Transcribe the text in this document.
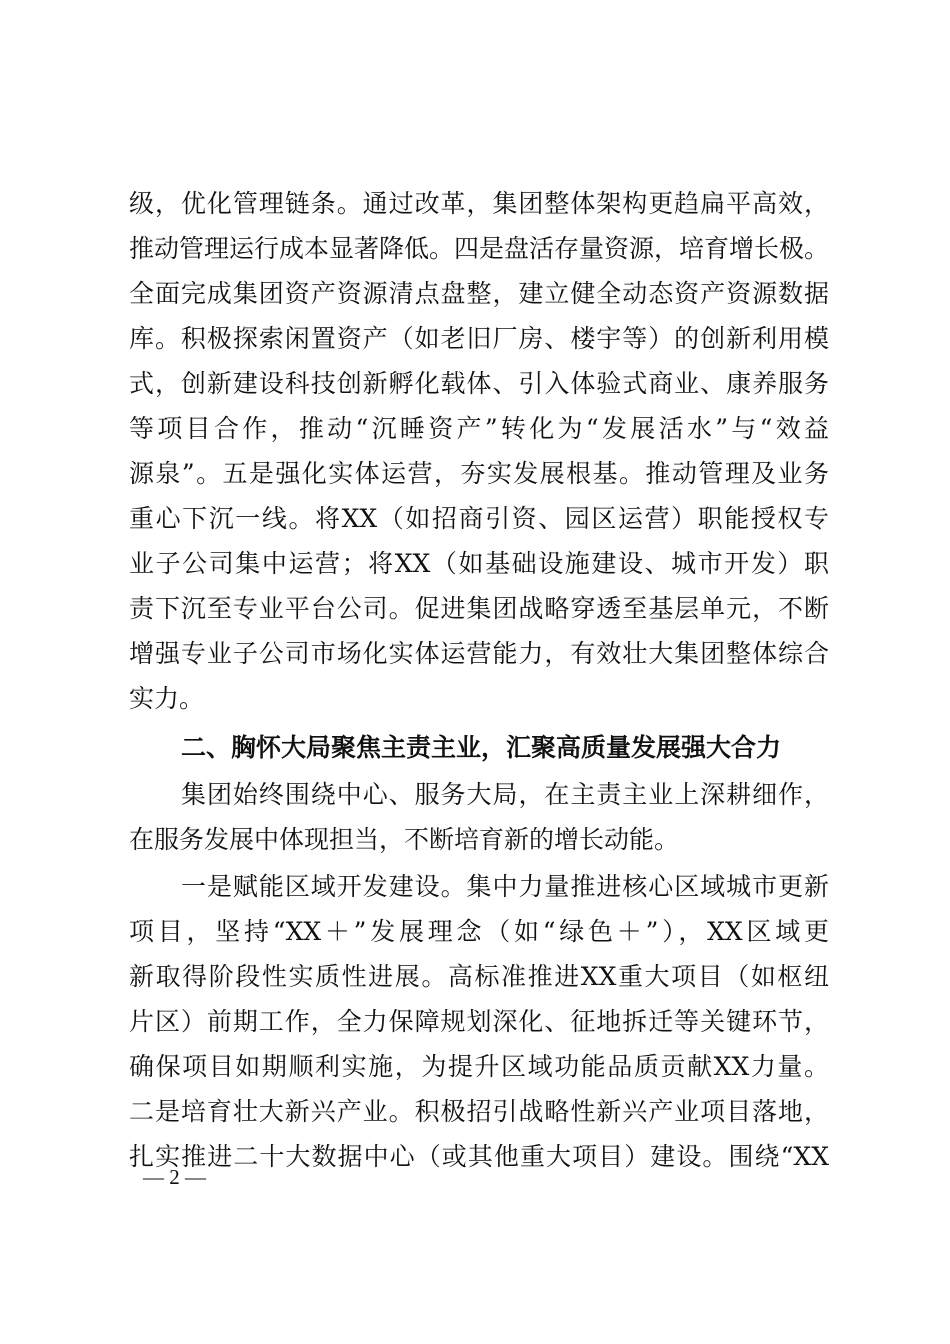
级，优化管理链条。通过改革，集团整体架构更趋扁平高效，
推动管理运行成本显著降低。四是盘活存量资源，培育增长极。
全面完成集团资产资源清点盘整，建立健全动态资产资源数据
库。积极探索闲置资产（如老旧厂房、楼宇等）的创新利用模
式，创新建设科技创新孵化载体、引入体验式商业、康养服务
等项目合作，推动“沉睡资产”转化为“发展活水”与“效益
源泉”。五是强化实体运营，夯实发展根基。推动管理及业务
重心下沉一线。将XX（如招商引资、园区运营）职能授权专
业子公司集中运营；将XX（如基础设施建设、城市开发）职
责下沉至专业平台公司。促进集团战略穿透至基层单元，不断
增强专业子公司市场化实体运营能力，有效壮大集团整体综合
实力。
二、胸怀大局聚焦主责主业，汇聚高质量发展强大合力
集团始终围绕中心、服务大局，在主责主业上深耕细作，
在服务发展中体现担当，不断培育新的增长动能。
一是赋能区域开发建设。集中力量推进核心区域城市更新
项目，坚持“XX＋”发展理念（如“绿色＋”），XX区域更
新取得阶段性实质性进展。高标准推进XX重大项目（如枢纽
片区）前期工作，全力保障规划深化、征地拆迁等关键环节，
确保项目如期顺利实施，为提升区域功能品质贡献XX力量。
二是培育壮大新兴产业。积极招引战略性新兴产业项目落地，
扎实推进二十大数据中心（或其他重大项目）建设。围绕“XX
— 2 —
